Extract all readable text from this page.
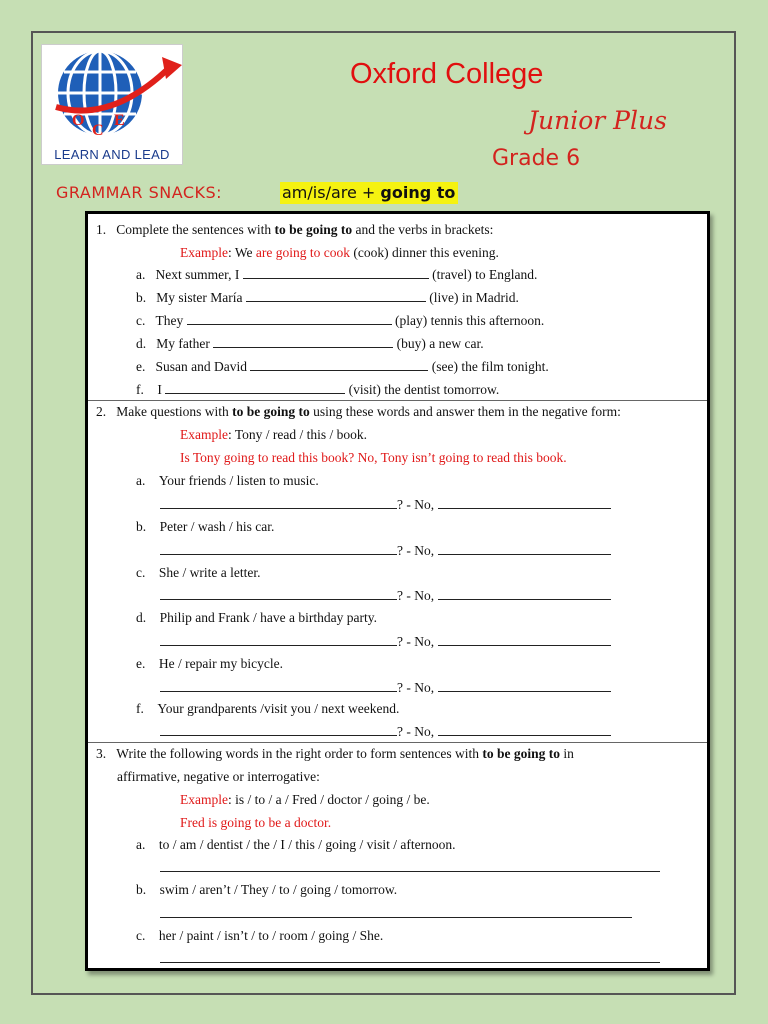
O
C
E
LEARN AND LEAD
Oxford College
Junior Plus
Grade 6
GRAMMAR SNACKS:	am/is/are + going to
1. Complete the sentences with to be going to and the verbs in brackets:
Example: We are going to cook (cook) dinner this evening.
a. Next summer, I	(travel) to England.
b. My sister María	(live) in Madrid.
c. They	(play) tennis this afternoon.
d. My father	(buy) a new car.
e. Susan and David	(see) the film tonight.
f. I	(visit) the dentist tomorrow.
2. Make questions with to be going to using these words and answer them in the negative form:
Example: Tony / read / this / book.
Is Tony going to read this book? No, Tony isn’t going to read this book.
a. Your friends / listen to music.
? - No,
b. Peter / wash / his car.
? - No,
c. She / write a letter.
? - No,
d. Philip and Frank / have a birthday party.
? - No,
e. He / repair my bicycle.
? - No,
f. Your grandparents /visit you / next weekend.
? - No,
3. Write the following words in the right order to form sentences with to be going to in
affirmative, negative or interrogative:
Example: is / to / a / Fred / doctor / going / be.
Fred is going to be a doctor.
a. to / am / dentist / the / I / this / going / visit / afternoon.
b. swim / aren’t / They / to / going / tomorrow.
c. her / paint / isn’t / to / room / going / She.
